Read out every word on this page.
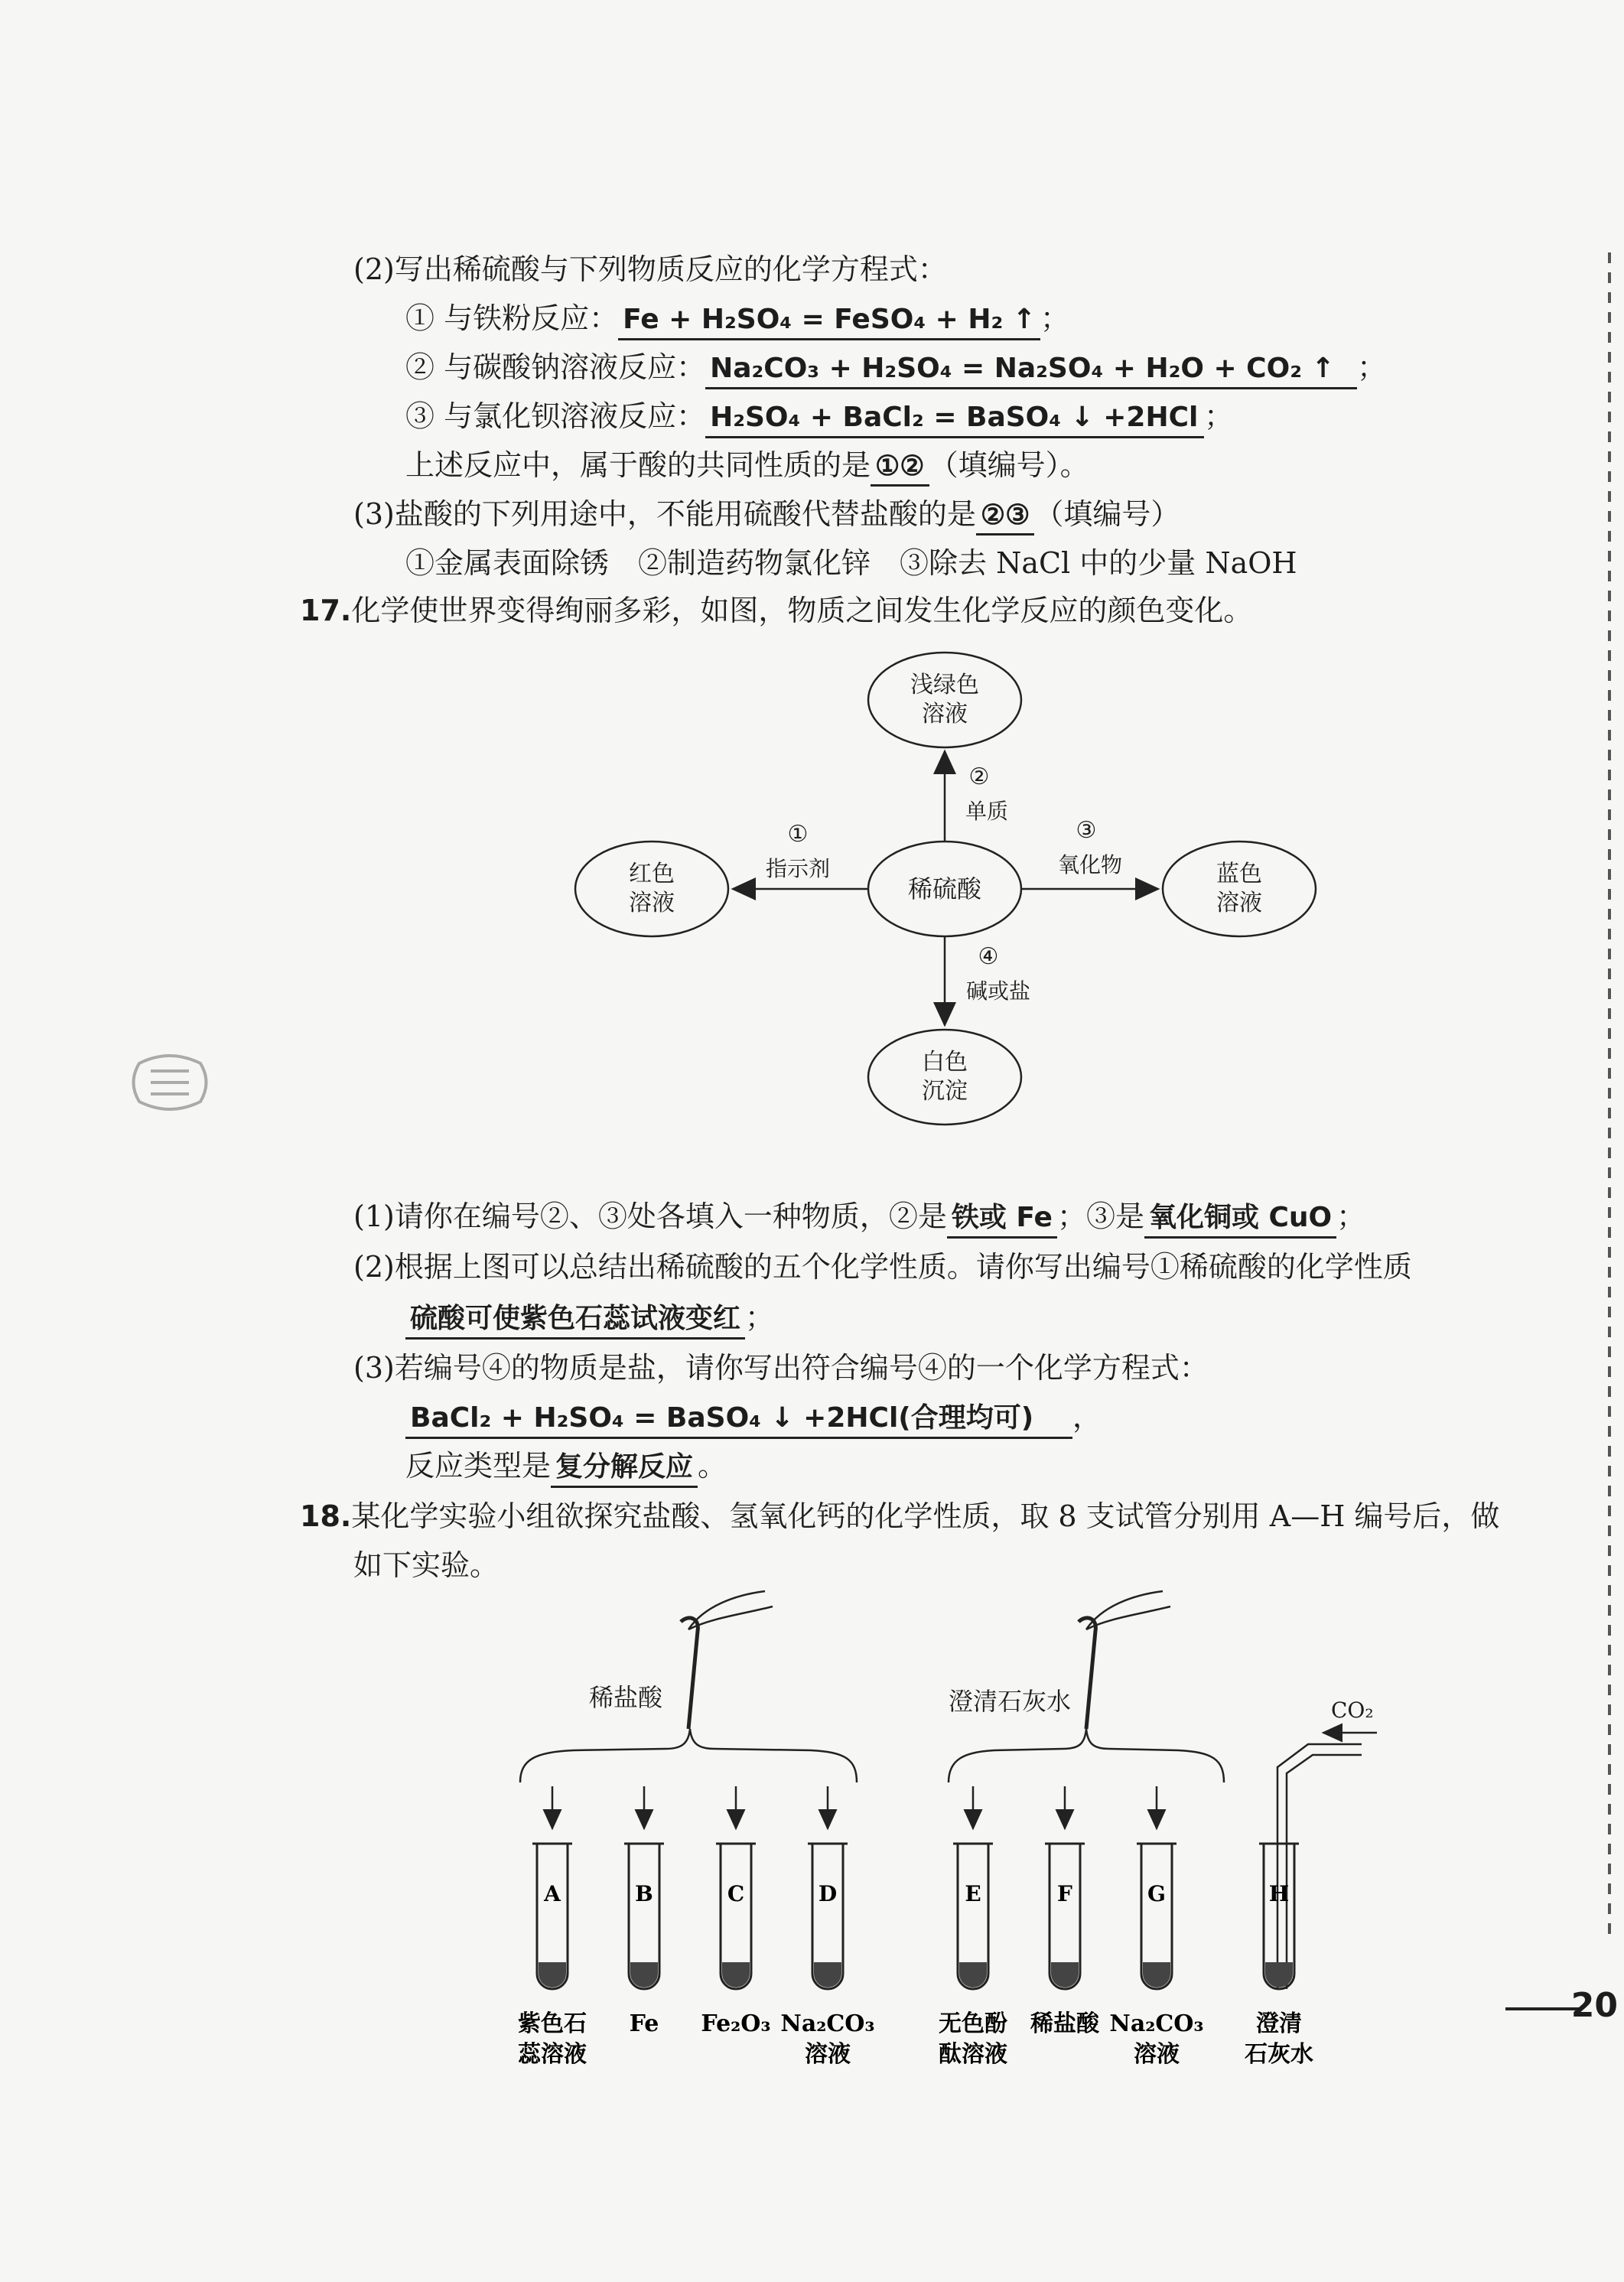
(2)写出稀硫酸与下列物质反应的化学方程式：
① 与铁粉反应： Fe + H₂SO₄ = FeSO₄ + H₂ ↑ ；
② 与碳酸钠溶液反应： Na₂CO₃ + H₂SO₄ = Na₂SO₄ + H₂O + CO₂ ↑ ；
③ 与氯化钡溶液反应： H₂SO₄ + BaCl₂ = BaSO₄ ↓ +2HCl ；
上述反应中，属于酸的共同性质的是 ①② （填编号）。
(3)盐酸的下列用途中，不能用硫酸代替盐酸的是 ②③ （填编号）
①金属表面除锈　②制造药物氯化锌　③除去 NaCl 中的少量 NaOH
17.化学使世界变得绚丽多彩，如图，物质之间发生化学反应的颜色变化。
浅绿色
溶液
稀硫酸
红色
溶液
蓝色
溶液
白色
沉淀
②
单质
①
指示剂
③
氧化物
④
碱或盐
(1)请你在编号②、③处各填入一种物质，②是 铁或 Fe ；③是 氧化铜或 CuO ；
(2)根据上图可以总结出稀硫酸的五个化学性质。请你写出编号①稀硫酸的化学性质
硫酸可使紫色石蕊试液变红 ；
(3)若编号④的物质是盐，请你写出符合编号④的一个化学方程式：
BaCl₂ + H₂SO₄ = BaSO₄ ↓ +2HCl(合理均可) ，
反应类型是 复分解反应 。
18.某化学实验小组欲探究盐酸、氢氧化钙的化学性质，取 8 支试管分别用 A—H 编号后，做
如下实验。
稀盐酸	澄清石灰水	CO₂
A
紫色石
蕊溶液
B
Fe
C
Fe₂O₃
D
Na₂CO₃
溶液
E
无色酚
酞溶液
F
稀盐酸
G
Na₂CO₃
溶液
H
澄清
石灰水
20
